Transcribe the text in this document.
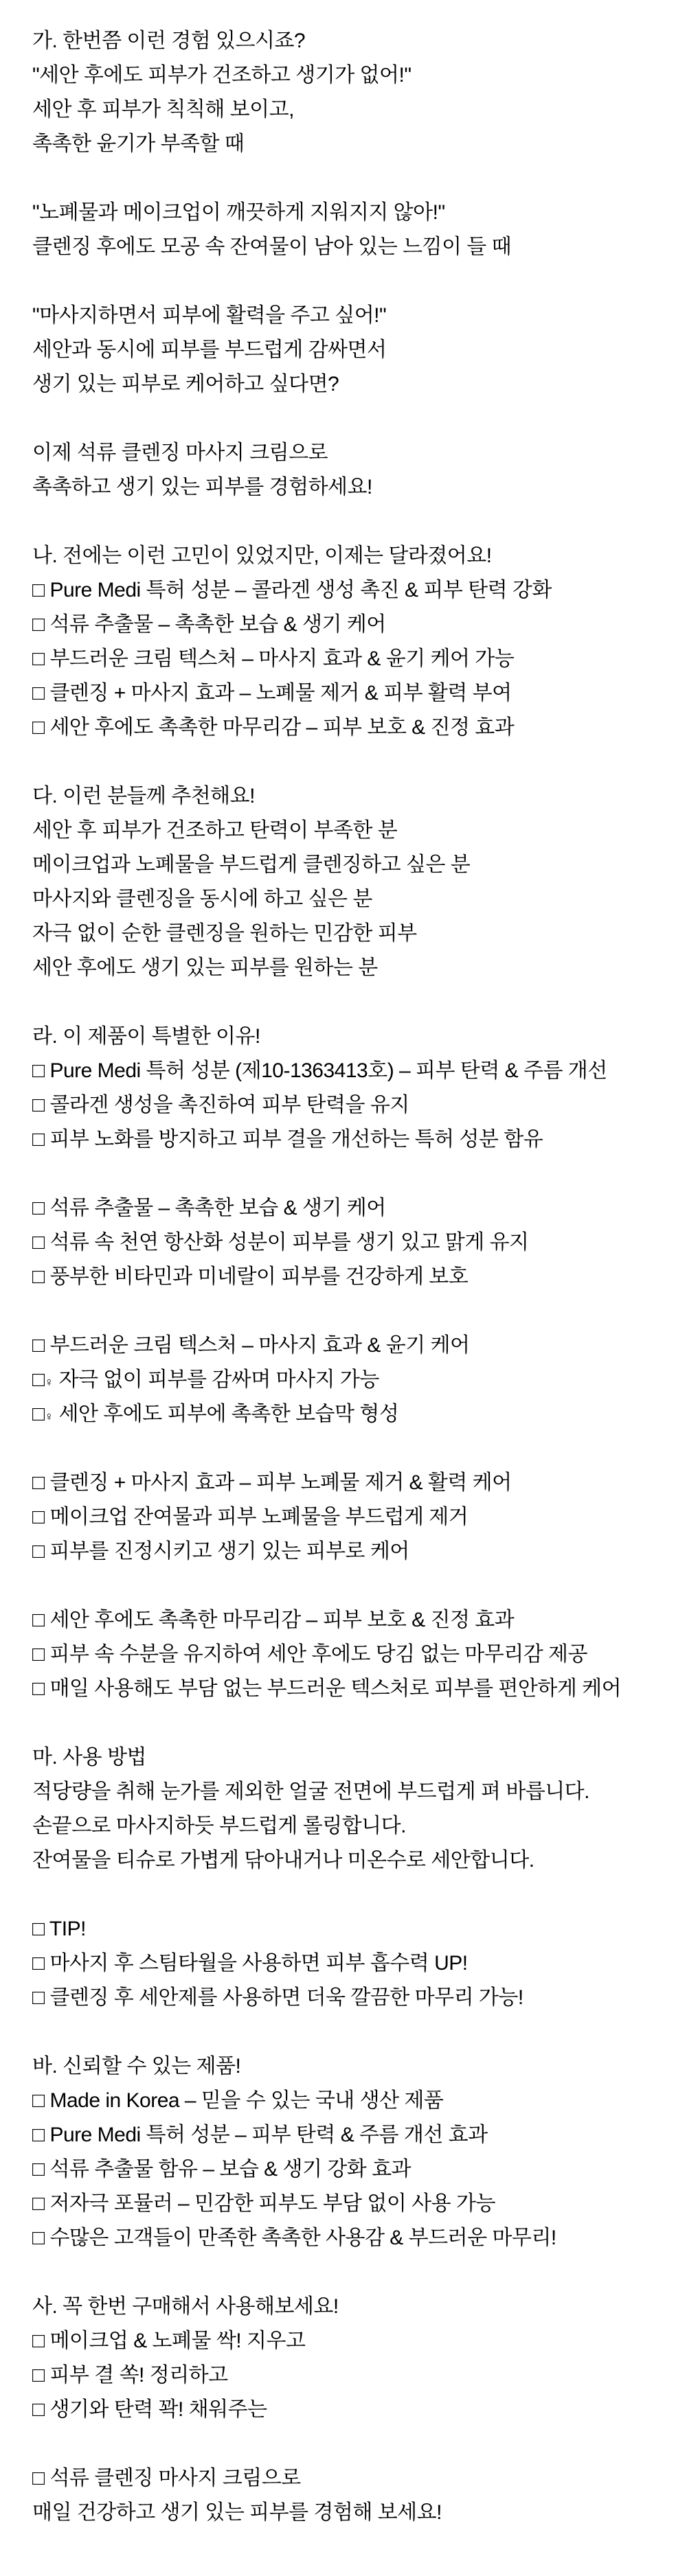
가. 한번쯤 이런 경험 있으시죠?
"세안 후에도 피부가 건조하고 생기가 없어!"
세안 후 피부가 칙칙해 보이고,
촉촉한 윤기가 부족할 때
"노폐물과 메이크업이 깨끗하게 지워지지 않아!"
클렌징 후에도 모공 속 잔여물이 남아 있는 느낌이 들 때
"마사지하면서 피부에 활력을 주고 싶어!"
세안과 동시에 피부를 부드럽게 감싸면서
생기 있는 피부로 케어하고 싶다면?
이제 석류 클렌징 마사지 크림으로
촉촉하고 생기 있는 피부를 경험하세요!
나. 전에는 이런 고민이 있었지만, 이제는 달라졌어요!
□ Pure Medi 특허 성분 – 콜라겐 생성 촉진 & 피부 탄력 강화
□ 석류 추출물 – 촉촉한 보습 & 생기 케어
□ 부드러운 크림 텍스처 – 마사지 효과 & 윤기 케어 가능
□ 클렌징 + 마사지 효과 – 노폐물 제거 & 피부 활력 부여
□ 세안 후에도 촉촉한 마무리감 – 피부 보호 & 진정 효과
다. 이런 분들께 추천해요!
세안 후 피부가 건조하고 탄력이 부족한 분
메이크업과 노폐물을 부드럽게 클렌징하고 싶은 분
마사지와 클렌징을 동시에 하고 싶은 분
자극 없이 순한 클렌징을 원하는 민감한 피부
세안 후에도 생기 있는 피부를 원하는 분
라. 이 제품이 특별한 이유!
□ Pure Medi 특허 성분 (제10-1363413호) – 피부 탄력 & 주름 개선
□ 콜라겐 생성을 촉진하여 피부 탄력을 유지
□ 피부 노화를 방지하고 피부 결을 개선하는 특허 성분 함유
□ 석류 추출물 – 촉촉한 보습 & 생기 케어
□ 석류 속 천연 항산화 성분이 피부를 생기 있고 맑게 유지
□ 풍부한 비타민과 미네랄이 피부를 건강하게 보호
□ 부드러운 크림 텍스처 – 마사지 효과 & 윤기 케어
□♀ 자극 없이 피부를 감싸며 마사지 가능
□♀ 세안 후에도 피부에 촉촉한 보습막 형성
□ 클렌징 + 마사지 효과 – 피부 노폐물 제거 & 활력 케어
□ 메이크업 잔여물과 피부 노폐물을 부드럽게 제거
□ 피부를 진정시키고 생기 있는 피부로 케어
□ 세안 후에도 촉촉한 마무리감 – 피부 보호 & 진정 효과
□ 피부 속 수분을 유지하여 세안 후에도 당김 없는 마무리감 제공
□ 매일 사용해도 부담 없는 부드러운 텍스처로 피부를 편안하게 케어
마. 사용 방법
적당량을 취해 눈가를 제외한 얼굴 전면에 부드럽게 펴 바릅니다.
손끝으로 마사지하듯 부드럽게 롤링합니다.
잔여물을 티슈로 가볍게 닦아내거나 미온수로 세안합니다.
□ TIP!
□ 마사지 후 스팀타월을 사용하면 피부 흡수력 UP!
□ 클렌징 후 세안제를 사용하면 더욱 깔끔한 마무리 가능!
바. 신뢰할 수 있는 제품!
□ Made in Korea – 믿을 수 있는 국내 생산 제품
□ Pure Medi 특허 성분 – 피부 탄력 & 주름 개선 효과
□ 석류 추출물 함유 – 보습 & 생기 강화 효과
□ 저자극 포뮬러 – 민감한 피부도 부담 없이 사용 가능
□ 수많은 고객들이 만족한 촉촉한 사용감 & 부드러운 마무리!
사. 꼭 한번 구매해서 사용해보세요!
□ 메이크업 & 노폐물 싹! 지우고
□ 피부 결 쏙! 정리하고
□ 생기와 탄력 꽉! 채워주는
□ 석류 클렌징 마사지 크림으로
매일 건강하고 생기 있는 피부를 경험해 보세요!
